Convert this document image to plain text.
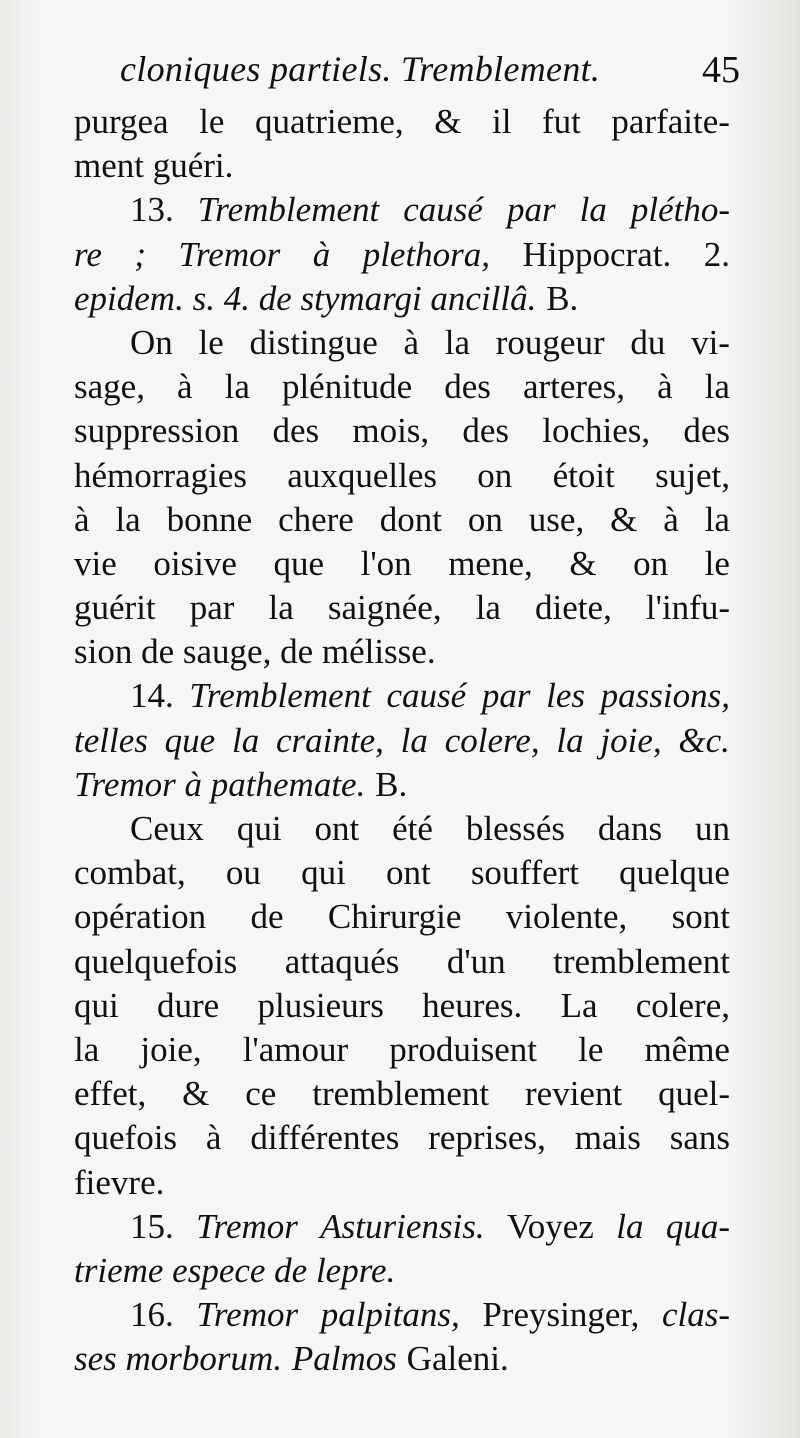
cloniques partiels. Tremblement.	45
purgea le quatrieme, & il fut parfaite-
ment guéri.
13. Tremblement causé par la plétho-
re ; Tremor à plethora, Hippocrat. 2.
epidem. s. 4. de stymargi ancillâ. B.
On le distingue à la rougeur du vi-
sage, à la plénitude des arteres, à la
suppression des mois, des lochies, des
hémorragies auxquelles on étoit sujet,
à la bonne chere dont on use, & à la
vie oisive que l'on mene, & on le
guérit par la saignée, la diete, l'infu-
sion de sauge, de mélisse.
14. Tremblement causé par les passions,
telles que la crainte, la colere, la joie, &c.
Tremor à pathemate. B.
Ceux qui ont été blessés dans un
combat, ou qui ont souffert quelque
opération de Chirurgie violente, sont
quelquefois attaqués d'un tremblement
qui dure plusieurs heures. La colere,
la joie, l'amour produisent le même
effet, & ce tremblement revient quel-
quefois à différentes reprises, mais sans
fievre.
15. Tremor Asturiensis. Voyez la qua-
trieme espece de lepre.
16. Tremor palpitans, Preysinger, clas-
ses morborum. Palmos Galeni.
